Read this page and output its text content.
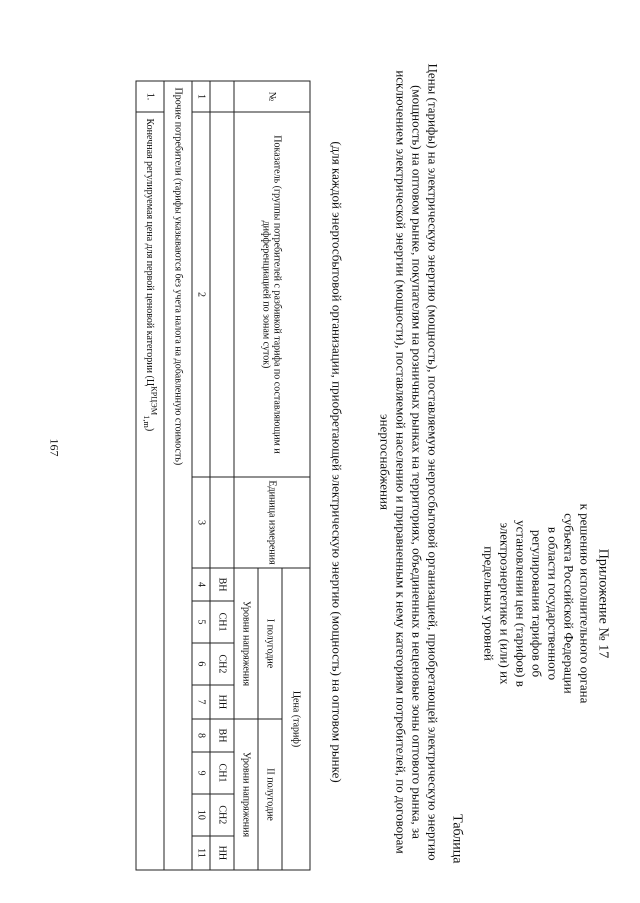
167
Приложение № 17
к решению исполнительного органа
субъекта Российской Федерации
в области государственного
регулирования тарифов об
установлении цен (тарифов) в
электроэнергетике и (или) их
предельных уровней
Таблица
Цены (тарифы) на электрическую энергию (мощность), поставляемую энергосбытовой организацией, приобретающей электрическую энергию (мощность) на оптовом рынке, покупателям на розничных рынках на территориях, объединенных в неценовые зоны оптового рынка, за исключением электрической энергии (мощности), поставляемой населению и приравненным к нему категориям потребителей, по договорам энергоснабжения
(для каждой энергосбытовой организации, приобретающей электрическую энергию (мощность) на оптовом рынке)
№	Показатель (группы потребителей с разбивкой тарифа по составляющим и дифференциацией по зонам суток)	Единица измерения	Цена (тариф)							
			I полугодие				II полугодие			
			Уровни напряжения				Уровни напряжения			
			ВН	СН1	СН2	НН	ВН	СН1	СН2	НН
1	2	3	4	5	6	7	8	9	10	11
Прочие потребители (тарифы указываются без учета налога на добавленную стоимость)										
1.	Конечная регулируемая цена для первой ценовой категории $(Ц^{КРЦЭМ}_{1,m})$									
